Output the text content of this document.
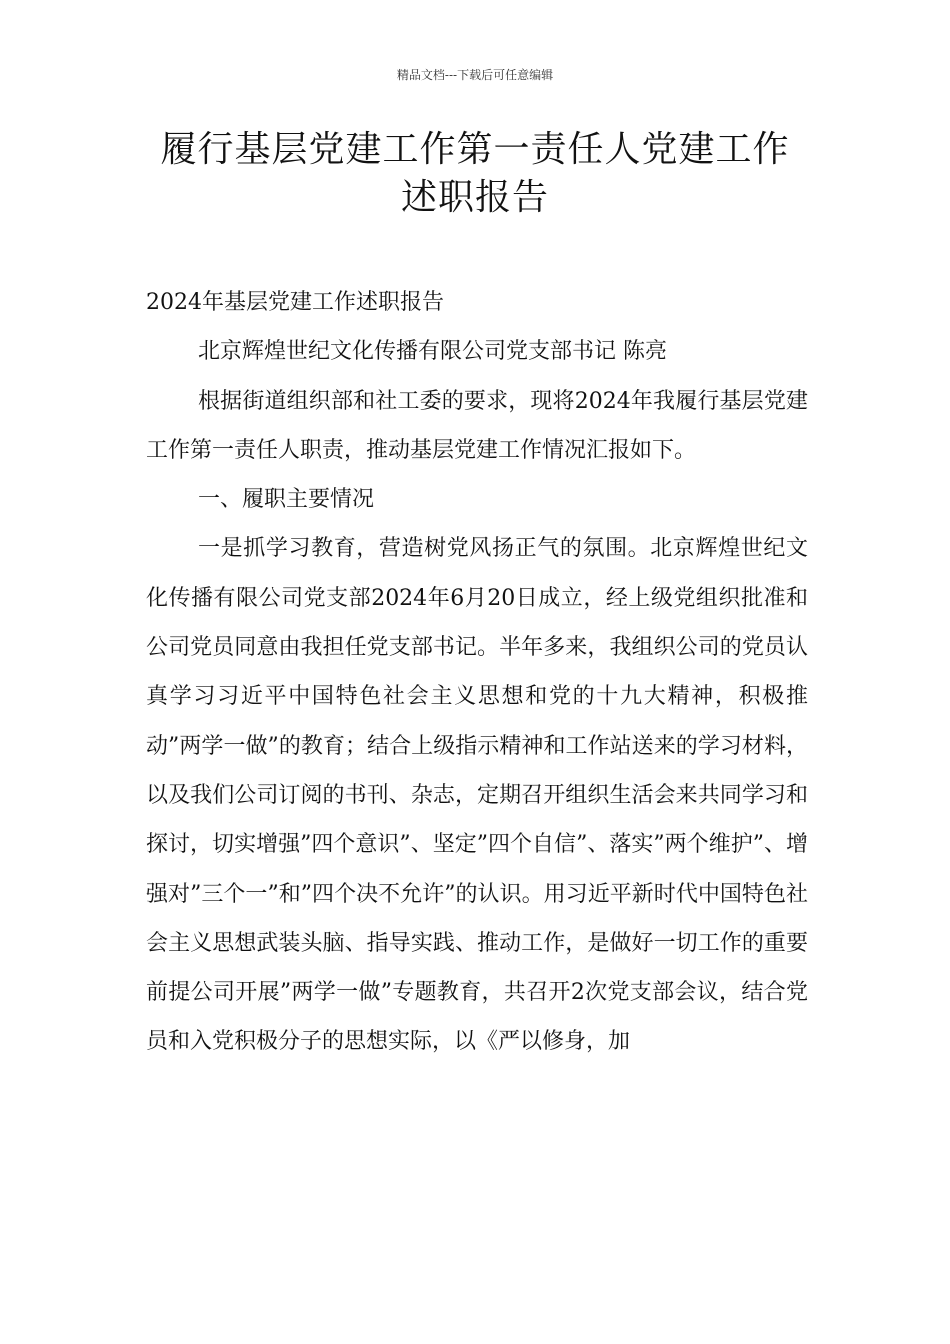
精品文档---下载后可任意编辑
履行基层党建工作第一责任人党建工作
述职报告

2024年基层党建工作述职报告

北京辉煌世纪文化传播有限公司党支部书记 陈亮

根据街道组织部和社工委的要求，现将2024年我履行基层党建工作第一责任人职责，推动基层党建工作情况汇报如下。

一、履职主要情况

一是抓学习教育，营造树党风扬正气的氛围。北京辉煌世纪文化传播有限公司党支部2024年6月20日成立，经上级党组织批准和公司党员同意由我担任党支部书记。半年多来，我组织公司的党员认真学习习近平中国特色社会主义思想和党的十九大精神，积极推动”两学一做”的教育；结合上级指示精神和工作站送来的学习材料，以及我们公司订阅的书刊、杂志，定期召开组织生活会来共同学习和探讨，切实增强”四个意识”、坚定”四个自信”、落实”两个维护”、增强对”三个一”和”四个决不允许”的认识。用习近平新时代中国特色社会主义思想武装头脑、指导实践、推动工作，是做好一切工作的重要前提公司开展”两学一做”专题教育，共召开2次党支部会议，结合党员和入党积极分子的思想实际，以《严以修身，加
